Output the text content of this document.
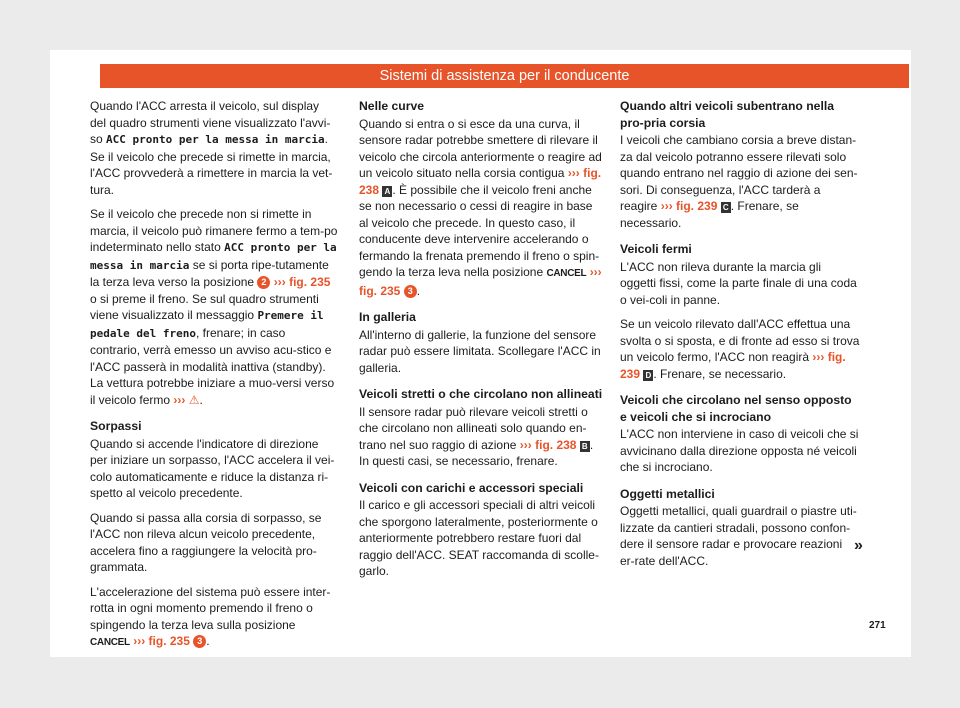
Sistemi di assistenza per il conducente

Quando l'ACC arresta il veicolo, sul display del quadro strumenti viene visualizzato l'avvi-so ACC pronto per la messa in marcia. Se il veicolo che precede si rimette in marcia, l'ACC provvederà a rimettere in marcia la vet-tura.

Se il veicolo che precede non si rimette in marcia, il veicolo può rimanere fermo a tem-po indeterminato nello stato ACC pronto per la messa in marcia se si porta ripe-tutamente la terza leva verso la posizione 2 ››› fig. 235 o si preme il freno. Se sul quadro strumenti viene visualizzato il messaggio Premere il pedale del freno, frenare; in caso contrario, verrà emesso un avviso acu-stico e l'ACC passerà in modalità inattiva (standby). La vettura potrebbe iniziare a muo-versi verso il veicolo fermo ››› ⚠.

Sorpassi

Quando si accende l'indicatore di direzione per iniziare un sorpasso, l'ACC accelera il vei-colo automaticamente e riduce la distanza ri-spetto al veicolo precedente.

Quando si passa alla corsia di sorpasso, se l'ACC non rileva alcun veicolo precedente, accelera fino a raggiungere la velocità pro-grammata.

L'accelerazione del sistema può essere inter-rotta in ogni momento premendo il freno o spingendo la terza leva sulla posizione CANCEL ››› fig. 235 3 .

Nelle curve

Quando si entra o si esce da una curva, il sensore radar potrebbe smettere di rilevare il veicolo che circola anteriormente o reagire ad un veicolo situato nella corsia contigua ››› fig. 238 A . È possibile che il veicolo freni anche se non necessario o cessi di reagire in base al veicolo che precede. In questo caso, il conducente deve intervenire accelerando o fermando la frenata premendo il freno o spin-gendo la terza leva nella posizione CANCEL ››› fig. 235 3 .

In galleria

All'interno di gallerie, la funzione del sensore radar può essere limitata. Scollegare l'ACC in galleria.

Veicoli stretti o che circolano non allineati

Il sensore radar può rilevare veicoli stretti o che circolano non allineati solo quando en-trano nel suo raggio di azione ››› fig. 238 B . In questi casi, se necessario, frenare.

Veicoli con carichi e accessori speciali

Il carico e gli accessori speciali di altri veicoli che sporgono lateralmente, posteriormente o anteriormente potrebbero restare fuori dal raggio dell'ACC. SEAT raccomanda di scolle-garlo.

Quando altri veicoli subentrano nella pro-pria corsia

I veicoli che cambiano corsia a breve distan-za dal veicolo potranno essere rilevati solo quando entrano nel raggio di azione dei sen-sori. Di conseguenza, l'ACC tarderà a reagire ››› fig. 239 C . Frenare, se necessario.

Veicoli fermi

L'ACC non rileva durante la marcia gli oggetti fissi, come la parte finale di una coda o vei-coli in panne.

Se un veicolo rilevato dall'ACC effettua una svolta o si sposta, e di fronte ad esso si trova un veicolo fermo, l'ACC non reagirà ››› fig. 239 D . Frenare, se necessario.

Veicoli che circolano nel senso opposto e veicoli che si incrociano

L'ACC non interviene in caso di veicoli che si avvicinano dalla direzione opposta né veicoli che si incrociano.

Oggetti metallici

Oggetti metallici, quali guardrail o piastre uti-lizzate da cantieri stradali, possono confon-dere il sensore radar e provocare reazioni er-rate dell'ACC.

»
271
